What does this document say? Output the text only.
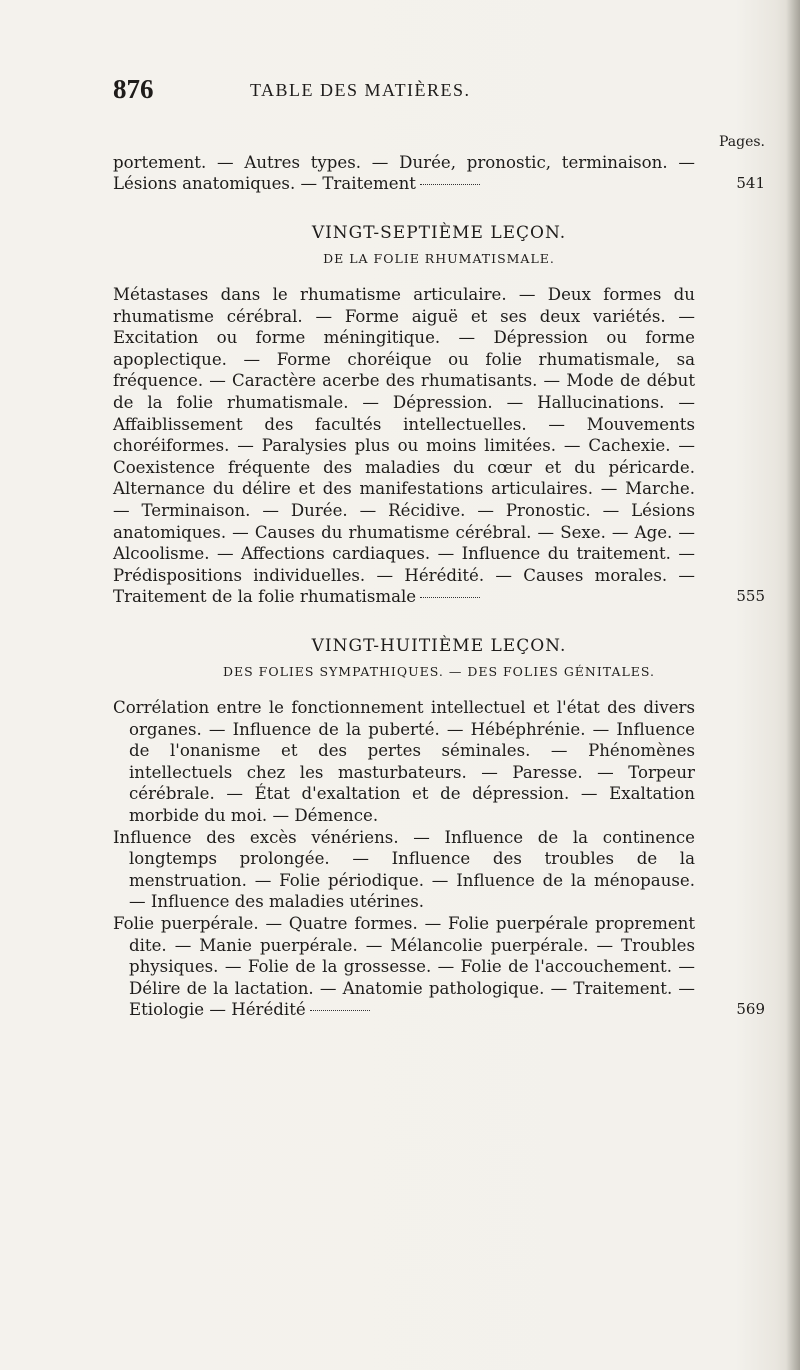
876	TABLE DES MATIÈRES.
Pages.
portement. — Autres types. — Durée, pronostic, terminaison. — Lésions anatomiques. — Traitement	541
VINGT-SEPTIÈME LEÇON.
DE LA FOLIE RHUMATISMALE.
Métastases dans le rhumatisme articulaire. — Deux formes du rhumatisme cérébral. — Forme aiguë et ses deux variétés. — Excitation ou forme méningitique. — Dépression ou forme apoplectique. — Forme choréique ou folie rhumatismale, sa fréquence. — Caractère acerbe des rhumatisants. — Mode de début de la folie rhumatismale. — Dépression. — Hallucinations. — Affaiblissement des facultés intellectuelles. — Mouvements choréiformes. — Paralysies plus ou moins limitées. — Cachexie. — Coexistence fréquente des maladies du cœur et du péricarde. Alternance du délire et des manifestations articulaires. — Marche. — Terminaison. — Durée. — Récidive. — Pronostic. — Lésions anatomiques. — Causes du rhumatisme cérébral. — Sexe. — Age. — Alcoolisme. — Affections cardiaques. — Influence du traitement. — Prédispositions individuelles. — Hérédité. — Causes morales. — Traitement de la folie rhumatismale	555
VINGT-HUITIÈME LEÇON.
DES FOLIES SYMPATHIQUES. — DES FOLIES GÉNITALES.
Corrélation entre le fonctionnement intellectuel et l'état des divers organes. — Influence de la puberté. — Hébéphrénie. — Influence de l'onanisme et des pertes séminales. — Phénomènes intellectuels chez les masturbateurs. — Paresse. — Torpeur cérébrale. — État d'exaltation et de dépression. — Exaltation morbide du moi. — Démence.
Influence des excès vénériens. — Influence de la continence longtemps prolongée. — Influence des troubles de la menstruation. — Folie périodique. — Influence de la ménopause. — Influence des maladies utérines.
Folie puerpérale. — Quatre formes. — Folie puerpérale proprement dite. — Manie puerpérale. — Mélancolie puerpérale. — Troubles physiques. — Folie de la grossesse. — Folie de l'accouchement. — Délire de la lactation. — Anatomie pathologique. — Traitement. — Etiologie — Hérédité	569
